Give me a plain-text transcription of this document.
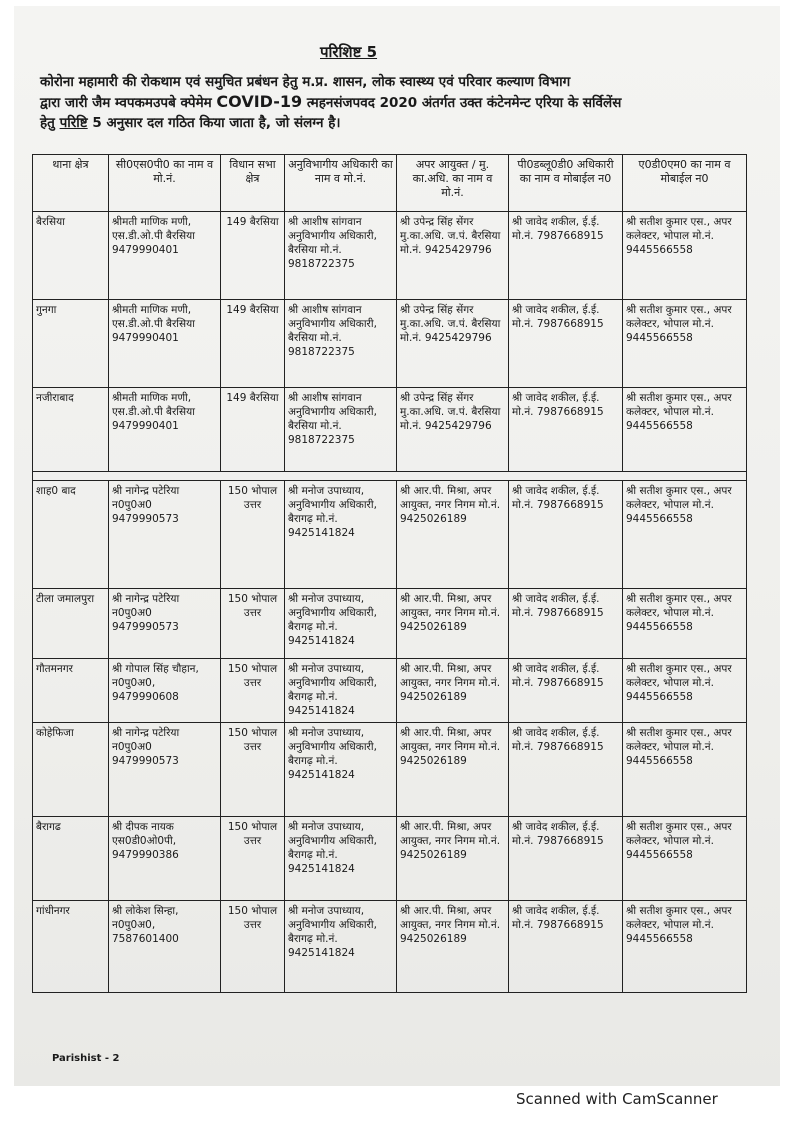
परिशिष्ट 5
कोरोना महामारी की रोकथाम एवं समुचित प्रबंधन हेतु म.प्र. शासन, लोक स्वास्थ्य एवं परिवार कल्याण विभाग
द्वारा जारी जैम म्वपकमउपबे क्पेमेम COVID-19 त्महनसंजपवद 2020 अंतर्गत उक्त कंटेनमेन्ट एरिया के सर्विलेंस
हेतु परिष्टि 5 अनुसार दल गठित किया जाता है, जो संलग्न है।
थाना क्षेत्र	सी0एस0पी0 का नाम व मो.नं.	विधान सभा क्षेत्र	अनुविभागीय अधिकारी का नाम व मो.नं.	अपर आयुक्त / मु. का.अधि. का नाम व मो.नं.	पी0डब्लू0डी0 अधिकारी का नाम व मोबाईल न0	ए0डी0एम0 का नाम व मोबाईल न0
बैरसिया	श्रीमती माणिक मणी, एस.डी.ओ.पी बैरसिया 9479990401	149 बैरसिया	श्री आशीष सांगवान अनुविभागीय अधिकारी, बैरसिया मो.नं. 9818722375	श्री उपेन्द्र सिंह सेंगर मु.का.अधि. ज.पं. बैरसिया मो.नं. 9425429796	श्री जावेद शकील, ई.ई. मो.नं. 7987668915	श्री सतीश कुमार एस., अपर कलेक्टर, भोपाल मो.नं. 9445566558
गुनगा	श्रीमती माणिक मणी, एस.डी.ओ.पी बैरसिया 9479990401	149 बैरसिया	श्री आशीष सांगवान अनुविभागीय अधिकारी, बैरसिया मो.नं. 9818722375	श्री उपेन्द्र सिंह सेंगर मु.का.अधि. ज.पं. बैरसिया मो.नं. 9425429796	श्री जावेद शकील, ई.ई. मो.नं. 7987668915	श्री सतीश कुमार एस., अपर कलेक्टर, भोपाल मो.नं. 9445566558
नजीराबाद	श्रीमती माणिक मणी, एस.डी.ओ.पी बैरसिया 9479990401	149 बैरसिया	श्री आशीष सांगवान अनुविभागीय अधिकारी, बैरसिया मो.नं. 9818722375	श्री उपेन्द्र सिंह सेंगर मु.का.अधि. ज.पं. बैरसिया मो.नं. 9425429796	श्री जावेद शकील, ई.ई. मो.नं. 7987668915	श्री सतीश कुमार एस., अपर कलेक्टर, भोपाल मो.नं. 9445566558

शाह0 बाद	श्री नागेन्द्र पटेरिया न0पु0अ0 9479990573	150 भोपाल उत्तर	श्री मनोज उपाध्याय, अनुविभागीय अधिकारी, बैरागढ़ मो.नं. 9425141824	श्री आर.पी. मिश्रा, अपर आयुक्त, नगर निगम मो.नं. 9425026189	श्री जावेद शकील, ई.ई. मो.नं. 7987668915	श्री सतीश कुमार एस., अपर कलेक्टर, भोपाल मो.नं. 9445566558
टीला जमालपुरा	श्री नागेन्द्र पटेरिया न0पु0अ0 9479990573	150 भोपाल उत्तर	श्री मनोज उपाध्याय, अनुविभागीय अधिकारी, बैरागढ़ मो.नं. 9425141824	श्री आर.पी. मिश्रा, अपर आयुक्त, नगर निगम मो.नं. 9425026189	श्री जावेद शकील, ई.ई. मो.नं. 7987668915	श्री सतीश कुमार एस., अपर कलेक्टर, भोपाल मो.नं. 9445566558
गौतमनगर	श्री गोपाल सिंह चौहान, न0पु0अ0, 9479990608	150 भोपाल उत्तर	श्री मनोज उपाध्याय, अनुविभागीय अधिकारी, बैरागढ़ मो.नं. 9425141824	श्री आर.पी. मिश्रा, अपर आयुक्त, नगर निगम मो.नं. 9425026189	श्री जावेद शकील, ई.ई. मो.नं. 7987668915	श्री सतीश कुमार एस., अपर कलेक्टर, भोपाल मो.नं. 9445566558
कोहेफिजा	श्री नागेन्द्र पटेरिया न0पु0अ0 9479990573	150 भोपाल उत्तर	श्री मनोज उपाध्याय, अनुविभागीय अधिकारी, बैरागढ़ मो.नं. 9425141824	श्री आर.पी. मिश्रा, अपर आयुक्त, नगर निगम मो.नं. 9425026189	श्री जावेद शकील, ई.ई. मो.नं. 7987668915	श्री सतीश कुमार एस., अपर कलेक्टर, भोपाल मो.नं. 9445566558
बैरागढ	श्री दीपक नायक एस0डी0ओ0पी, 9479990386	150 भोपाल उत्तर	श्री मनोज उपाध्याय, अनुविभागीय अधिकारी, बैरागढ़ मो.नं. 9425141824	श्री आर.पी. मिश्रा, अपर आयुक्त, नगर निगम मो.नं. 9425026189	श्री जावेद शकील, ई.ई. मो.नं. 7987668915	श्री सतीश कुमार एस., अपर कलेक्टर, भोपाल मो.नं. 9445566558
गांधीनगर	श्री लोकेश सिन्हा, न0पु0अ0, 7587601400	150 भोपाल उत्तर	श्री मनोज उपाध्याय, अनुविभागीय अधिकारी, बैरागढ़ मो.नं. 9425141824	श्री आर.पी. मिश्रा, अपर आयुक्त, नगर निगम मो.नं. 9425026189	श्री जावेद शकील, ई.ई. मो.नं. 7987668915	श्री सतीश कुमार एस., अपर कलेक्टर, भोपाल मो.नं. 9445566558
Parishist - 2
Scanned with CamScanner
